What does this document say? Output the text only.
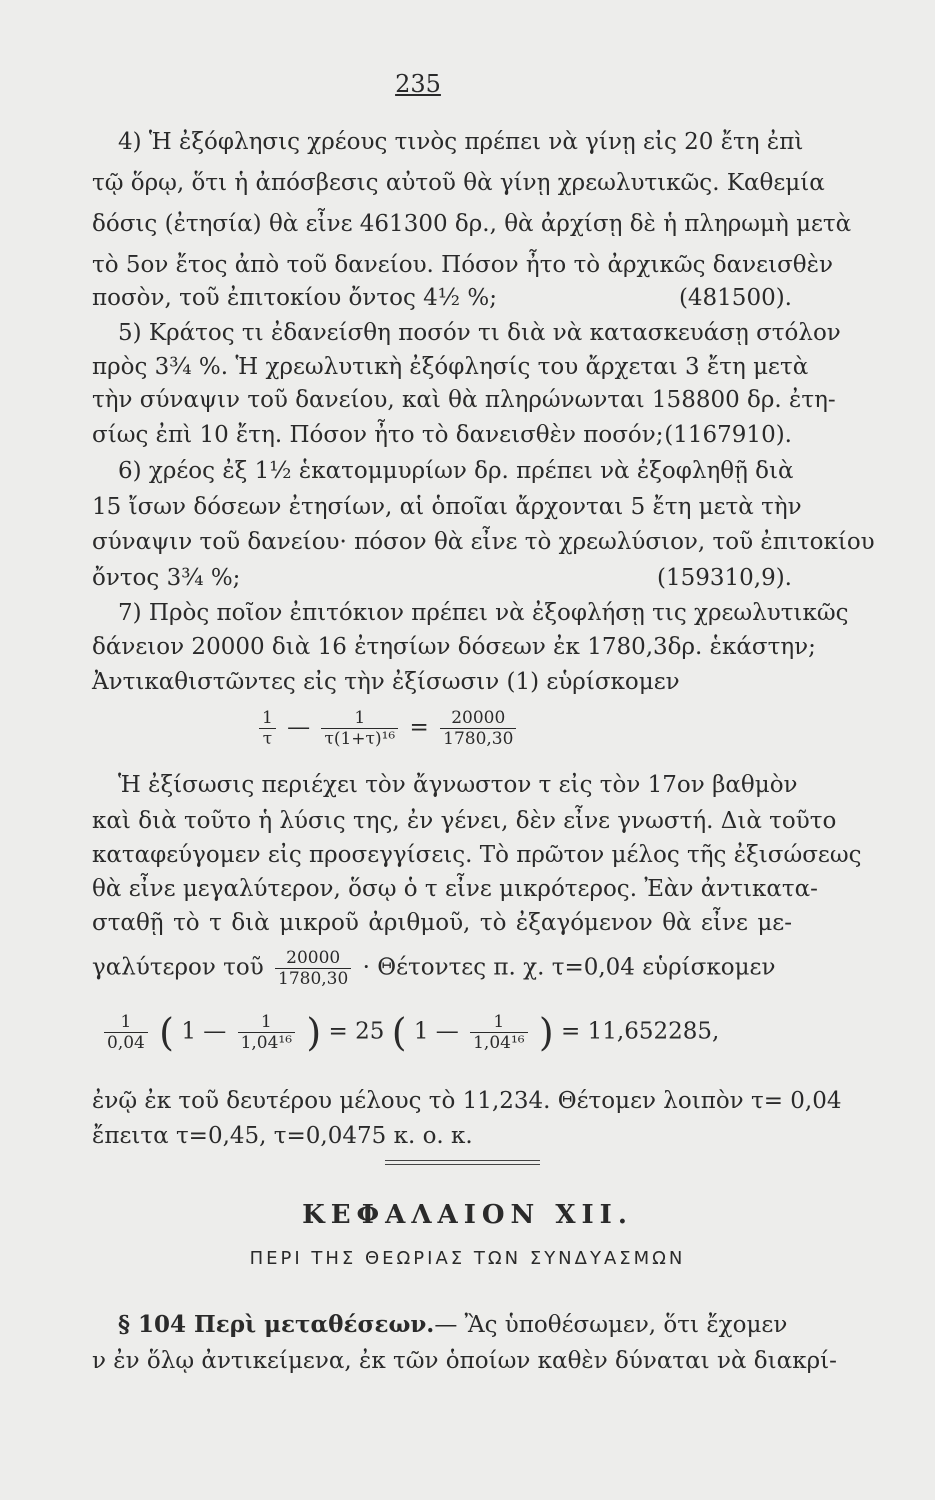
235
4) Ἡ ἐξόφλησις χρέους τινὸς πρέπει νὰ γίνῃ εἰς 20 ἔτη ἐπὶ
τῷ ὅρῳ, ὅτι ἡ ἀπόσβεσις αὐτοῦ θὰ γίνῃ χρεωλυτικῶς. Καθεμία
δόσις (ἐτησία) θὰ εἶνε 461300 δρ., θὰ ἀρχίσῃ δὲ ἡ πληρωμὴ μετὰ
τὸ 5ον ἔτος ἀπὸ τοῦ δανείου. Πόσον ἦτο τὸ ἀρχικῶς δανεισθὲν
ποσὸν, τοῦ ἐπιτοκίου ὄντος 4½ %;	(481500).
5) Κράτος τι ἐδανείσθη ποσόν τι διὰ νὰ κατασκευάσῃ στόλον
πρὸς 3¾ %. Ἡ χρεωλυτικὴ ἐξόφλησίς του ἄρχεται 3 ἔτη μετὰ
τὴν σύναψιν τοῦ δανείου, καὶ θὰ πληρώνωνται 158800 δρ. ἐτη-
σίως ἐπὶ 10 ἔτη. Πόσον ἦτο τὸ δανεισθὲν ποσόν; (1167910).
6) χρέος ἐξ 1½ ἑκατομμυρίων δρ. πρέπει νὰ ἐξοφληθῇ διὰ
15 ἴσων δόσεων ἐτησίων, αἱ ὁποῖαι ἄρχονται 5 ἔτη μετὰ τὴν
σύναψιν τοῦ δανείου· πόσον θὰ εἶνε τὸ χρεωλύσιον, τοῦ ἐπιτοκίου
ὄντος 3¾ %;	(159310,9).
7) Πρὸς ποῖον ἐπιτόκιον πρέπει νὰ ἐξοφλήσῃ τις χρεωλυτικῶς
δάνειον 20000 διὰ 16 ἐτησίων δόσεων ἐκ 1780,3δρ. ἑκάστην;
Ἀντικαθιστῶντες εἰς τὴν ἐξίσωσιν (1) εὑρίσκομεν
$\frac{1}{\tau}$ — $\frac{1}{\text{τ(1+τ)¹⁶}} = \frac{20000}{1780,30}$
Ἡ ἐξίσωσις περιέχει τὸν ἄγνωστον τ εἰς τὸν 17ον βαθμὸν
καὶ διὰ τοῦτο ἡ λύσις της, ἐν γένει, δὲν εἶνε γνωστή. Διὰ τοῦτο
καταφεύγομεν εἰς προσεγγίσεις. Τὸ πρῶτον μέλος τῆς ἐξισώσεως
θὰ εἶνε μεγαλύτερον, ὅσῳ ὁ τ εἶνε μικρότερος. Ἐὰν ἀντικατα-
σταθῇ τὸ τ διὰ μικροῦ ἀριθμοῦ, τὸ ἐξαγόμενον θὰ εἶνε με-
γαλύτερον τοῦ $\frac{20000}{1780,30} \cdot \Theta έ\tau o\nu\tau\varepsilon\varsigma$ π. χ. τ=0,04 εὑρίσκομεν
$\frac{1}{0,04}$ ( 1 — $\frac{1}{\text{1,04¹⁶}}$ ) = 25 ( 1 — $\frac{1}{\text{1,04¹⁶}}$ ) = 11,652285,
ἐνῷ ἐκ τοῦ δευτέρου μέλους τὸ 11,234. Θέτομεν λοιπὸν τ= 0,04
ἔπειτα τ=0,45, τ=0,0475 κ. ο. κ.
ΚΕΦΑΛΑΙΟΝ XII.
ΠΕΡΙ ΤΗΣ ΘΕΩΡΙΑΣ ΤΩΝ ΣΥΝΔΥΑΣΜΩΝ
§ 104 Περὶ μεταθέσεων.— Ἂς ὑποθέσωμεν, ὅτι ἔχομεν
ν ἐν ὅλῳ ἀντικείμενα, ἐκ τῶν ὁποίων καθὲν δύναται νὰ διακρί-
